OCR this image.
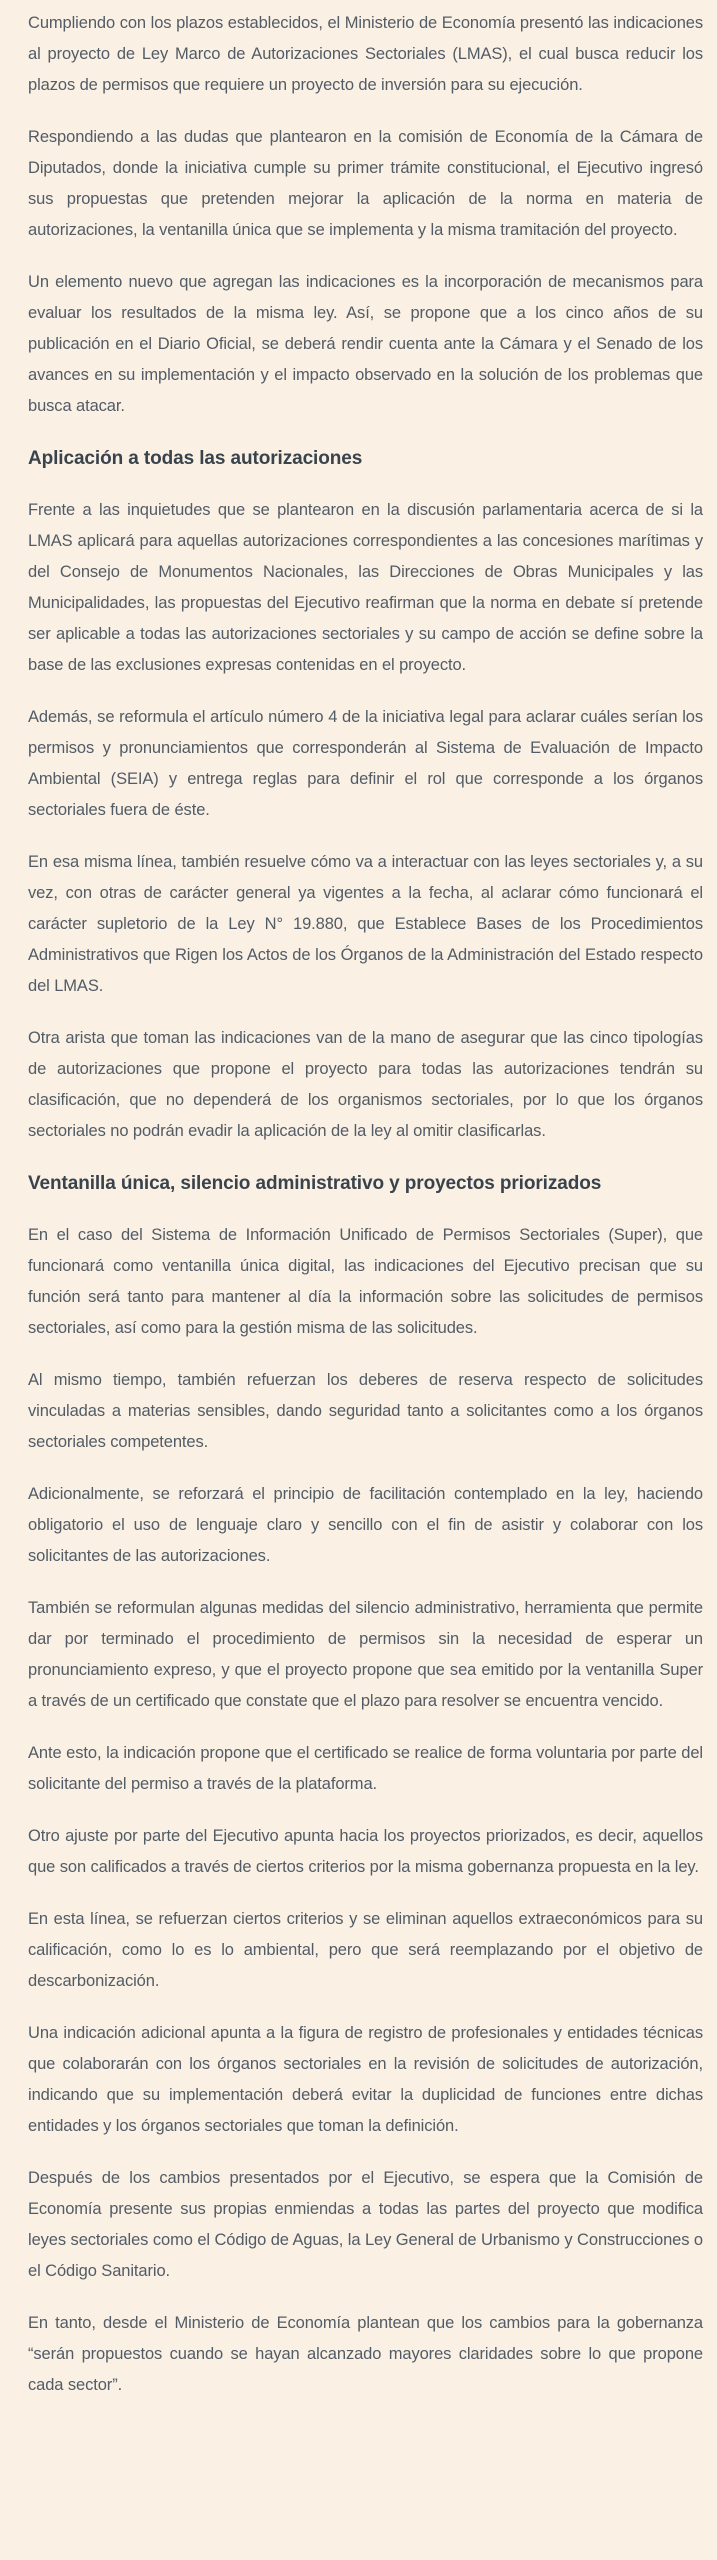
Cumpliendo con los plazos establecidos, el Ministerio de Economía presentó las indicaciones al proyecto de Ley Marco de Autorizaciones Sectoriales (LMAS), el cual busca reducir los plazos de permisos que requiere un proyecto de inversión para su ejecución.

Respondiendo a las dudas que plantearon en la comisión de Economía de la Cámara de Diputados, donde la iniciativa cumple su primer trámite constitucional, el Ejecutivo ingresó sus propuestas que pretenden mejorar la aplicación de la norma en materia de autorizaciones, la ventanilla única que se implementa y la misma tramitación del proyecto.

Un elemento nuevo que agregan las indicaciones es la incorporación de mecanismos para evaluar los resultados de la misma ley. Así, se propone que a los cinco años de su publicación en el Diario Oficial, se deberá rendir cuenta ante la Cámara y el Senado de los avances en su implementación y el impacto observado en la solución de los problemas que busca atacar.

Aplicación a todas las autorizaciones

Frente a las inquietudes que se plantearon en la discusión parlamentaria acerca de si la LMAS aplicará para aquellas autorizaciones correspondientes a las concesiones marítimas y del Consejo de Monumentos Nacionales, las Direcciones de Obras Municipales y las Municipalidades, las propuestas del Ejecutivo reafirman que la norma en debate sí pretende ser aplicable a todas las autorizaciones sectoriales y su campo de acción se define sobre la base de las exclusiones expresas contenidas en el proyecto.

Además, se reformula el artículo número 4 de la iniciativa legal para aclarar cuáles serían los permisos y pronunciamientos que corresponderán al Sistema de Evaluación de Impacto Ambiental (SEIA) y entrega reglas para definir el rol que corresponde a los órganos sectoriales fuera de éste.

En esa misma línea, también resuelve cómo va a interactuar con las leyes sectoriales y, a su vez, con otras de carácter general ya vigentes a la fecha, al aclarar cómo funcionará el carácter supletorio de la Ley N° 19.880, que Establece Bases de los Procedimientos Administrativos que Rigen los Actos de los Órganos de la Administración del Estado respecto del LMAS.

Otra arista que toman las indicaciones van de la mano de asegurar que las cinco tipologías de autorizaciones que propone el proyecto para todas las autorizaciones tendrán su clasificación, que no dependerá de los organismos sectoriales, por lo que los órganos sectoriales no podrán evadir la aplicación de la ley al omitir clasificarlas.

Ventanilla única, silencio administrativo y proyectos priorizados

En el caso del Sistema de Información Unificado de Permisos Sectoriales (Super), que funcionará como ventanilla única digital, las indicaciones del Ejecutivo precisan que su función será tanto para mantener al día la información sobre las solicitudes de permisos sectoriales, así como para la gestión misma de las solicitudes.

Al mismo tiempo, también refuerzan los deberes de reserva respecto de solicitudes vinculadas a materias sensibles, dando seguridad tanto a solicitantes como a los órganos sectoriales competentes.

Adicionalmente, se reforzará el principio de facilitación contemplado en la ley, haciendo obligatorio el uso de lenguaje claro y sencillo con el fin de asistir y colaborar con los solicitantes de las autorizaciones.

También se reformulan algunas medidas del silencio administrativo, herramienta que permite dar por terminado el procedimiento de permisos sin la necesidad de esperar un pronunciamiento expreso, y que el proyecto propone que sea emitido por la ventanilla Super a través de un certificado que constate que el plazo para resolver se encuentra vencido.

Ante esto, la indicación propone que el certificado se realice de forma voluntaria por parte del solicitante del permiso a través de la plataforma.

Otro ajuste por parte del Ejecutivo apunta hacia los proyectos priorizados, es decir, aquellos que son calificados a través de ciertos criterios por la misma gobernanza propuesta en la ley.

En esta línea, se refuerzan ciertos criterios y se eliminan aquellos extraeconómicos para su calificación, como lo es lo ambiental, pero que será reemplazando por el objetivo de descarbonización.

Una indicación adicional apunta a la figura de registro de profesionales y entidades técnicas que colaborarán con los órganos sectoriales en la revisión de solicitudes de autorización, indicando que su implementación deberá evitar la duplicidad de funciones entre dichas entidades y los órganos sectoriales que toman la definición.

Después de los cambios presentados por el Ejecutivo, se espera que la Comisión de Economía presente sus propias enmiendas a todas las partes del proyecto que modifica leyes sectoriales como el Código de Aguas, la Ley General de Urbanismo y Construcciones o el Código Sanitario.

En tanto, desde el Ministerio de Economía plantean que los cambios para la gobernanza “serán propuestos cuando se hayan alcanzado mayores claridades sobre lo que propone cada sector”.
